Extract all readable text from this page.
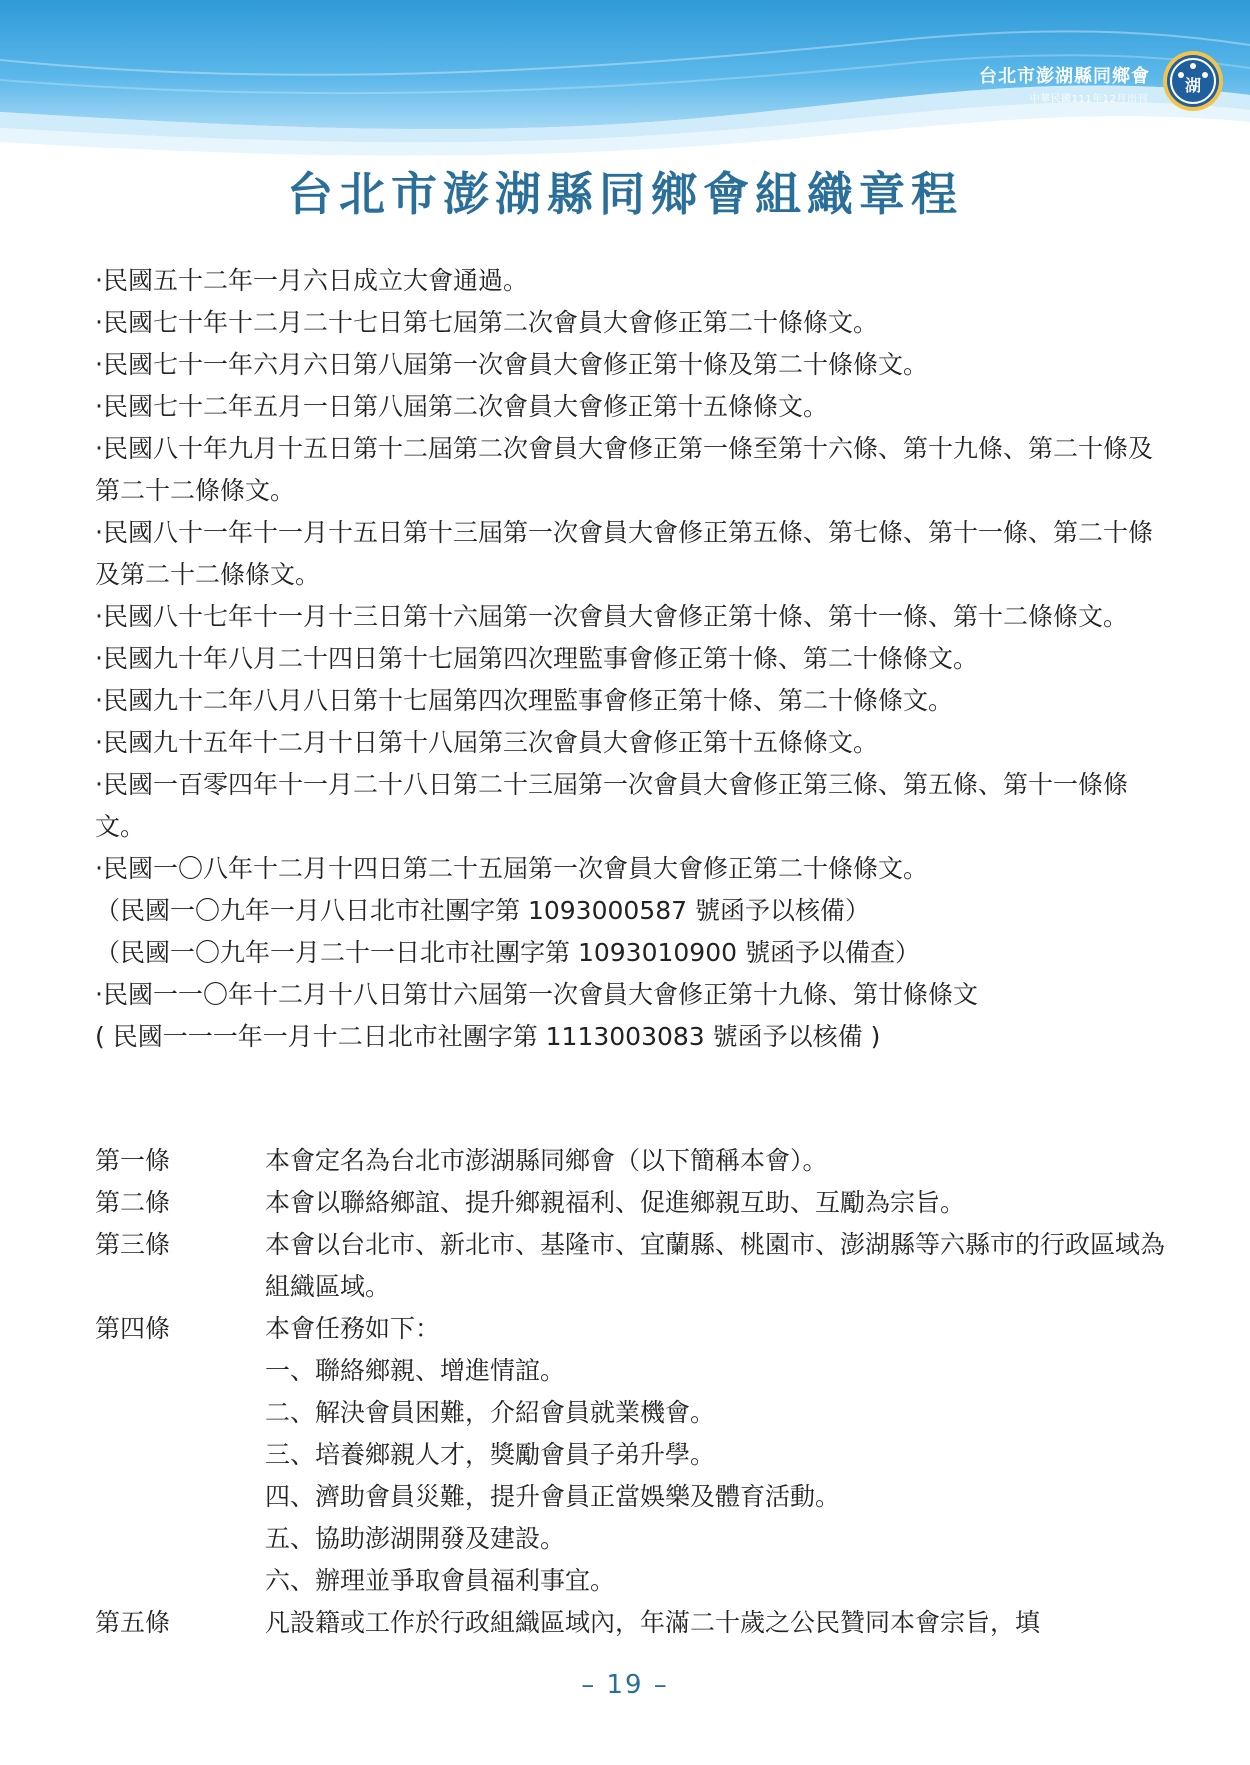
台北市澎湖縣同鄉會
中華民國111年12月出刊
湖
台北市澎湖縣同鄉會組織章程
‧民國五十二年一月六日成立大會通過。
‧民國七十年十二月二十七日第七屆第二次會員大會修正第二十條條文。
‧民國七十一年六月六日第八屆第一次會員大會修正第十條及第二十條條文。
‧民國七十二年五月一日第八屆第二次會員大會修正第十五條條文。
‧民國八十年九月十五日第十二屆第二次會員大會修正第一條至第十六條、第十九條、第二十條及第二十二條條文。
‧民國八十一年十一月十五日第十三屆第一次會員大會修正第五條、第七條、第十一條、第二十條及第二十二條條文。
‧民國八十七年十一月十三日第十六屆第一次會員大會修正第十條、第十一條、第十二條條文。
‧民國九十年八月二十四日第十七屆第四次理監事會修正第十條、第二十條條文。
‧民國九十二年八月八日第十七屆第四次理監事會修正第十條、第二十條條文。
‧民國九十五年十二月十日第十八屆第三次會員大會修正第十五條條文。
‧民國一百零四年十一月二十八日第二十三屆第一次會員大會修正第三條、第五條、第十一條條文。
‧民國一〇八年十二月十四日第二十五屆第一次會員大會修正第二十條條文。
（民國一〇九年一月八日北市社團字第 1093000587 號函予以核備）
（民國一〇九年一月二十一日北市社團字第 1093010900 號函予以備查）
‧民國一一〇年十二月十八日第廿六屆第一次會員大會修正第十九條、第廿條條文
( 民國一一一年一月十二日北市社團字第 1113003083 號函予以核備 )
第一條	本會定名為台北市澎湖縣同鄉會（以下簡稱本會）。
第二條	本會以聯絡鄉誼、提升鄉親福利、促進鄉親互助、互勵為宗旨。
第三條	本會以台北市、新北市、基隆市、宜蘭縣、桃園市、澎湖縣等六縣市的行政區域為組織區域。
第四條	本會任務如下：
一、聯絡鄉親、增進情誼。
二、解決會員困難，介紹會員就業機會。
三、培養鄉親人才，獎勵會員子弟升學。
四、濟助會員災難，提升會員正當娛樂及體育活動。
五、協助澎湖開發及建設。
六、辦理並爭取會員福利事宜。
第五條	凡設籍或工作於行政組織區域內，年滿二十歲之公民贊同本會宗旨，填
– 19 –
